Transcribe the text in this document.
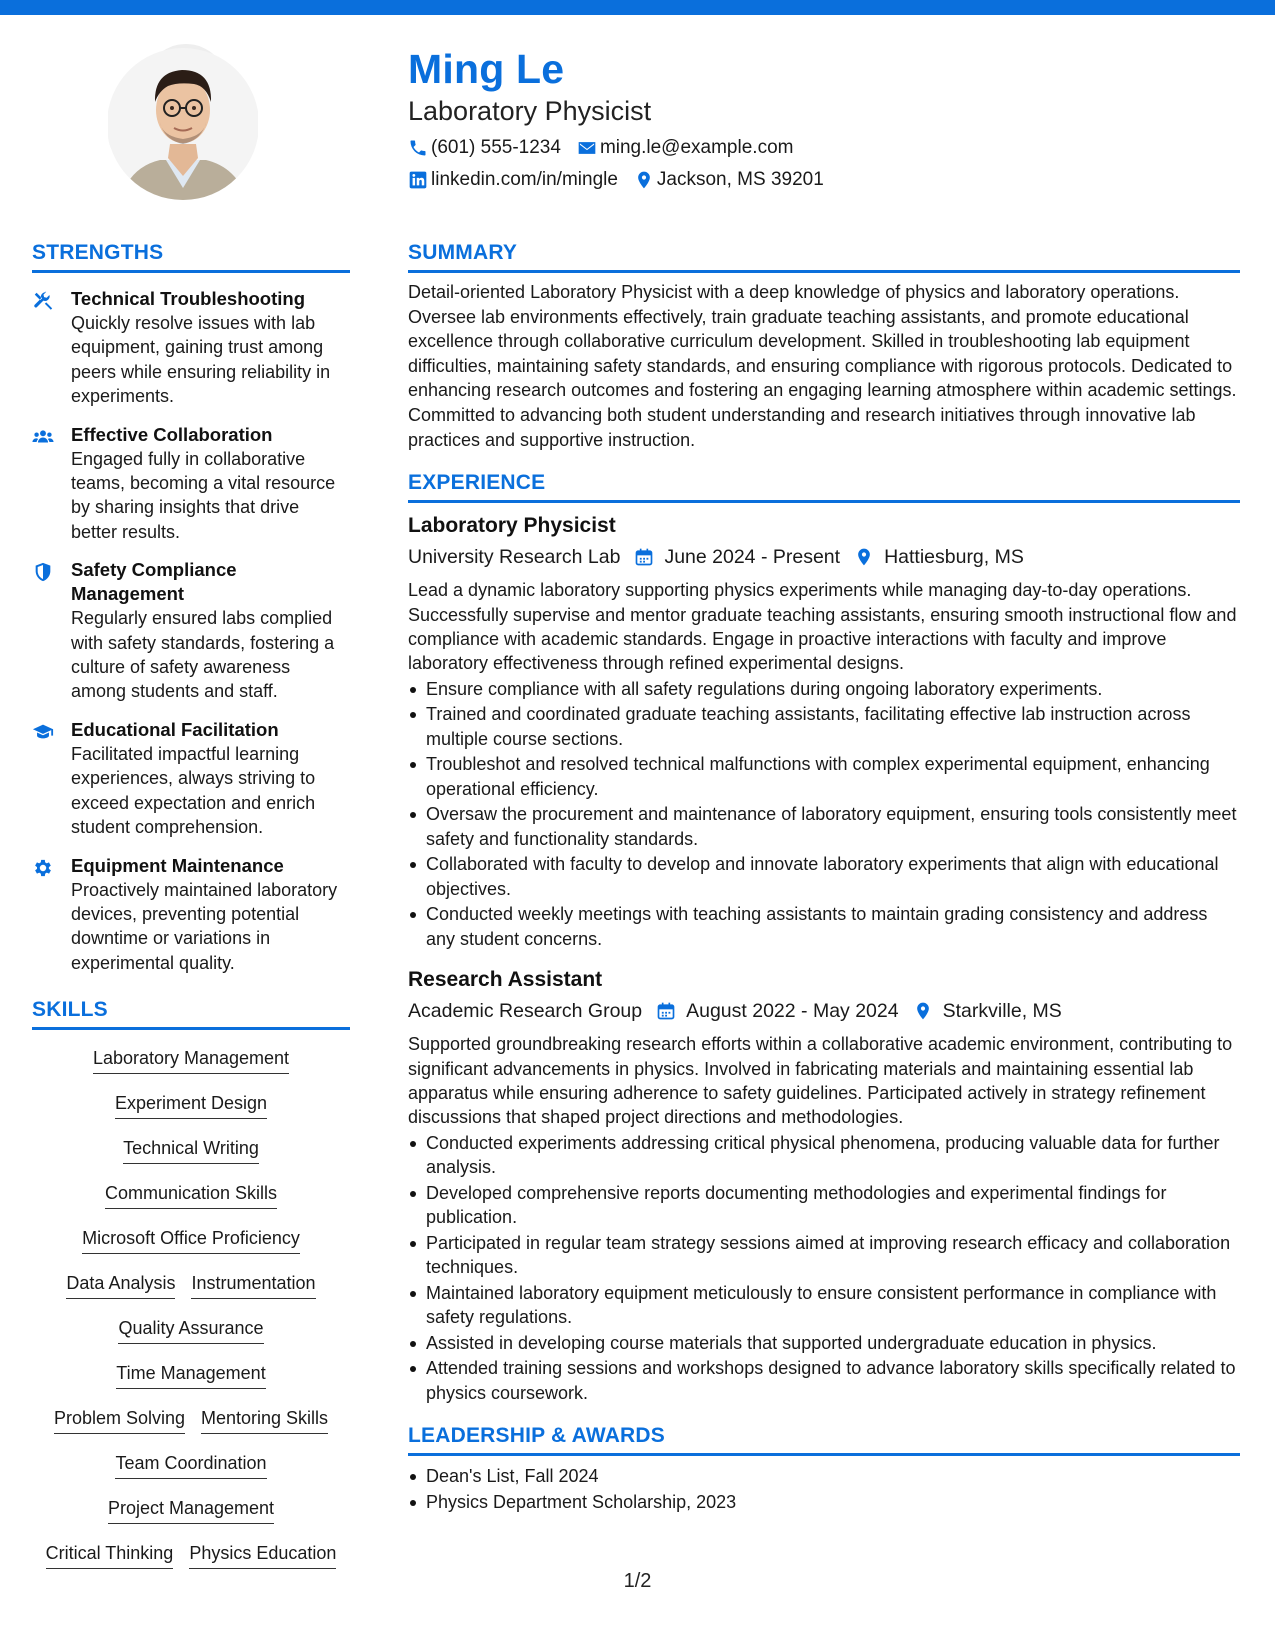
Ming Le
Laboratory Physicist
(601) 555-1234 ming.le@example.com
linkedin.com/in/mingle Jackson, MS 39201
STRENGTHS
Technical Troubleshooting
Quickly resolve issues with lab equipment, gaining trust among peers while ensuring reliability in experiments.
Effective Collaboration
Engaged fully in collaborative teams, becoming a vital resource by sharing insights that drive better results.
Safety Compliance Management
Regularly ensured labs complied with safety standards, fostering a culture of safety awareness among students and staff.
Educational Facilitation
Facilitated impactful learning experiences, always striving to exceed expectation and enrich student comprehension.
Equipment Maintenance
Proactively maintained laboratory devices, preventing potential downtime or variations in experimental quality.
SKILLS
Laboratory Management
Experiment Design
Technical Writing
Communication Skills
Microsoft Office Proficiency
Data Analysis Instrumentation
Quality Assurance
Time Management
Problem Solving Mentoring Skills
Team Coordination
Project Management
Critical Thinking Physics Education
SUMMARY
Detail-oriented Laboratory Physicist with a deep knowledge of physics and laboratory operations. Oversee lab environments effectively, train graduate teaching assistants, and promote educational excellence through collaborative curriculum development. Skilled in troubleshooting lab equipment difficulties, maintaining safety standards, and ensuring compliance with rigorous protocols. Dedicated to enhancing research outcomes and fostering an engaging learning atmosphere within academic settings. Committed to advancing both student understanding and research initiatives through innovative lab practices and supportive instruction.
EXPERIENCE
Laboratory Physicist
University Research Lab June 2024 - Present Hattiesburg, MS
Lead a dynamic laboratory supporting physics experiments while managing day-to-day operations. Successfully supervise and mentor graduate teaching assistants, ensuring smooth instructional flow and compliance with academic standards. Engage in proactive interactions with faculty and improve laboratory effectiveness through refined experimental designs.
Ensure compliance with all safety regulations during ongoing laboratory experiments.
Trained and coordinated graduate teaching assistants, facilitating effective lab instruction across multiple course sections.
Troubleshot and resolved technical malfunctions with complex experimental equipment, enhancing operational efficiency.
Oversaw the procurement and maintenance of laboratory equipment, ensuring tools consistently meet safety and functionality standards.
Collaborated with faculty to develop and innovate laboratory experiments that align with educational objectives.
Conducted weekly meetings with teaching assistants to maintain grading consistency and address any student concerns.
Research Assistant
Academic Research Group August 2022 - May 2024 Starkville, MS
Supported groundbreaking research efforts within a collaborative academic environment, contributing to significant advancements in physics. Involved in fabricating materials and maintaining essential lab apparatus while ensuring adherence to safety guidelines. Participated actively in strategy refinement discussions that shaped project directions and methodologies.
Conducted experiments addressing critical physical phenomena, producing valuable data for further analysis.
Developed comprehensive reports documenting methodologies and experimental findings for publication.
Participated in regular team strategy sessions aimed at improving research efficacy and collaboration techniques.
Maintained laboratory equipment meticulously to ensure consistent performance in compliance with safety regulations.
Assisted in developing course materials that supported undergraduate education in physics.
Attended training sessions and workshops designed to advance laboratory skills specifically related to physics coursework.
LEADERSHIP & AWARDS
Dean's List, Fall 2024
Physics Department Scholarship, 2023
1/2
